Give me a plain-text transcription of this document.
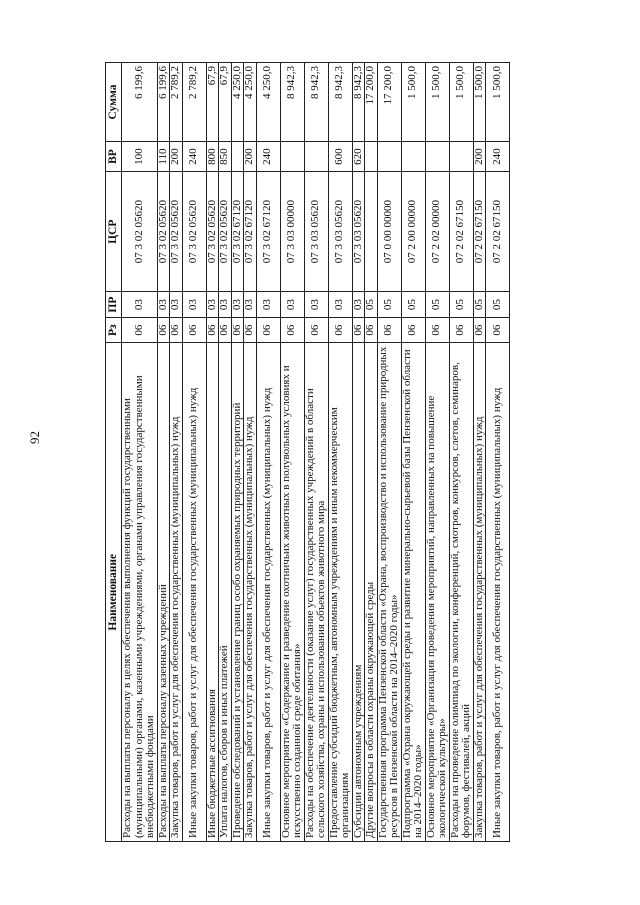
92
Наименование	Рз	ПР	ЦСР	ВР	Сумма
Расходы на выплаты персоналу в целях обеспечения выполнения функций государственными (муниципальными) органами, казенными учреждениями, органами управления государственными внебюджетными фондами	06	03	07 3 02 05620	100	6 199,6
Расходы на выплаты персоналу казенных учреждений	06	03	07 3 02 05620	110	6 199,6
Закупка товаров, работ и услуг для обеспечения государственных (муниципальных) нужд	06	03	07 3 02 05620	200	2 789,2
Иные закупки товаров, работ и услуг для обеспечения государственных (муниципальных) нужд	06	03	07 3 02 05620	240	2 789,2
Иные бюджетные ассигнования	06	03	07 3 02 05620	800	67,9
Уплата налогов, сборов и иных платежей	06	03	07 3 02 05620	850	67,9
Проведение обследований и установление границ особо охраняемых природных территорий	06	03	07 3 02 67120		4 250,0
Закупка товаров, работ и услуг для обеспечения государственных (муниципальных) нужд	06	03	07 3 02 67120	200	4 250,0
Иные закупки товаров, работ и услуг для обеспечения государственных (муниципальных) нужд	06	03	07 3 02 67120	240	4 250,0
Основное мероприятие «Содержание и разведение охотничьих животных в полувольных условиях и искусственно созданной среде обитания»	06	03	07 3 03 00000		8 942,3
Расходы на обеспечение деятельности (оказание услуг) государственных учреждений в области сельского хозяйства, охраны и использования объектов животного мира	06	03	07 3 03 05620		8 942,3
Предоставление субсидий бюджетным, автономным учреждениям и иным некоммерческим организациям	06	03	07 3 03 05620	600	8 942,3
Субсидии автономным учреждениям	06	03	07 3 03 05620	620	8 942,3
Другие вопросы в области охраны окружающей среды	06	05			17 200,0
Государственная программа Пензенской области «Охрана, воспроизводство и использование природных ресурсов в Пензенской области на 2014–2020 годы»	06	05	07 0 00 00000		17 200,0
Подпрограмма «Охрана окружающей среды и развитие минерально-сырьевой базы Пензенской области на 2014–2020 годы»	06	05	07 2 00 00000		1 500,0
Основное мероприятие «Организация проведения мероприятий, направленных на повышение экологической культуры»	06	05	07 2 02 00000		1 500,0
Расходы на проведение олимпиад по экологии, конференций, смотров, конкурсов, слетов, семинаров, форумов, фестивалей, акций	06	05	07 2 02 67150		1 500,0
Закупка товаров, работ и услуг для обеспечения государственных (муниципальных) нужд	06	05	07 2 02 67150	200	1 500,0
Иные закупки товаров, работ и услуг для обеспечения государственных (муниципальных) нужд	06	05	07 2 02 67150	240	1 500,0
